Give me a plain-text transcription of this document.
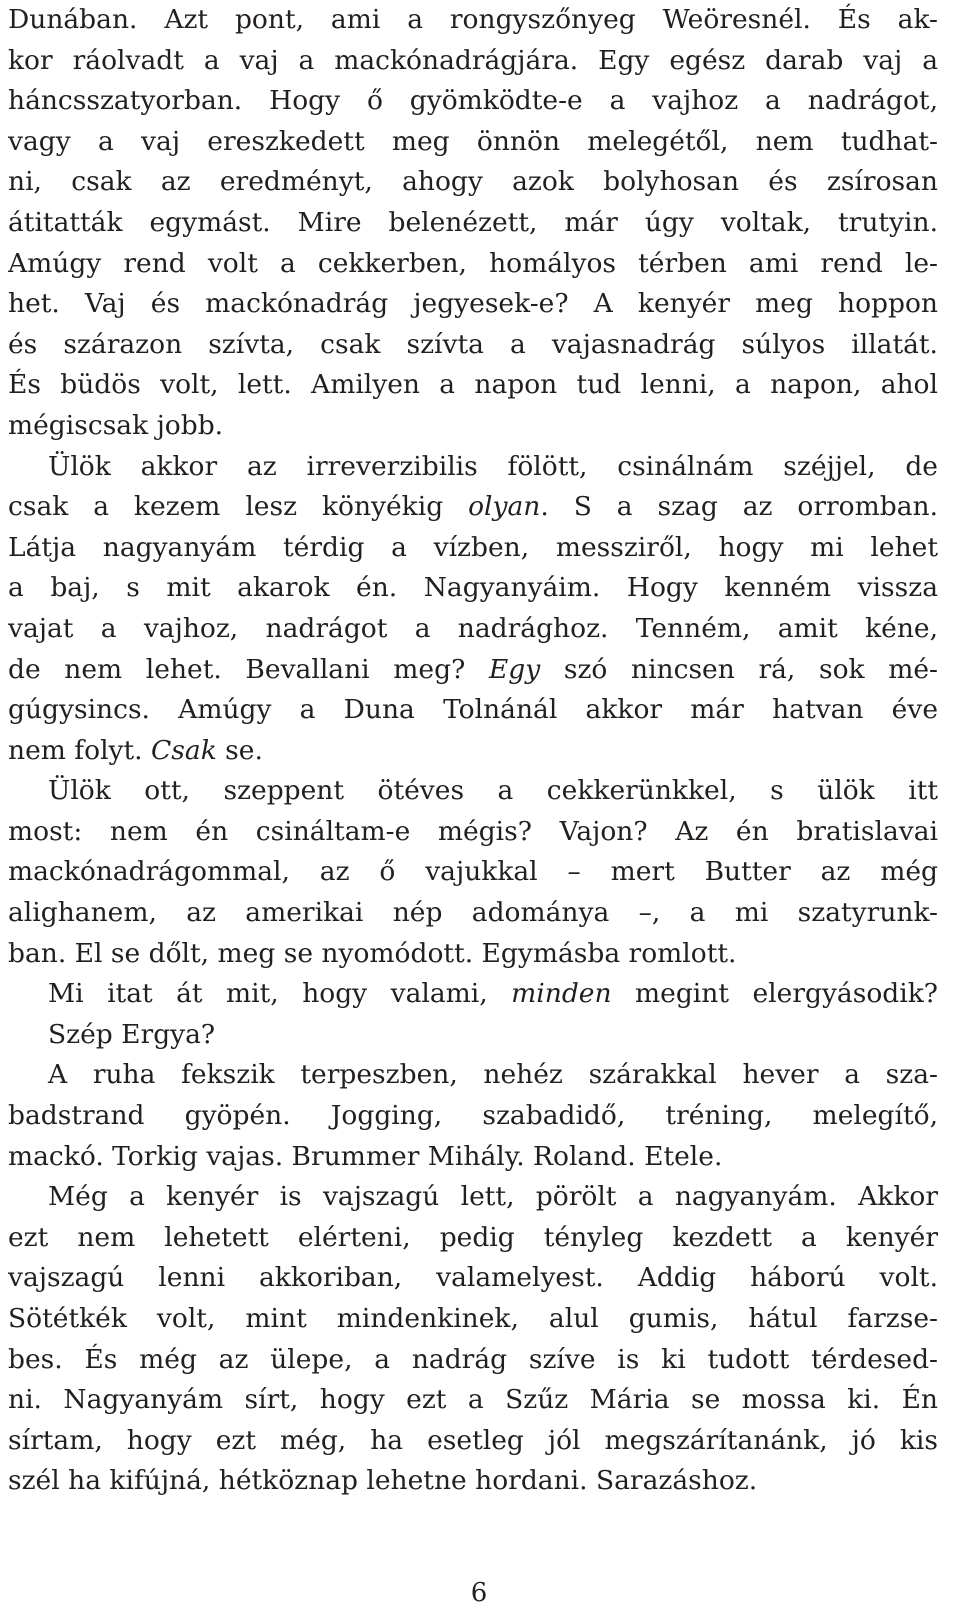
Dunában. Azt pont, ami a rongyszőnyeg Weöresnél. És ak-
kor ráolvadt a vaj a mackónadrágjára. Egy egész darab vaj a
háncsszatyorban. Hogy ő gyömködte-e a vajhoz a nadrágot,
vagy a vaj ereszkedett meg önnön melegétől, nem tudhat-
ni, csak az eredményt, ahogy azok bolyhosan és zsírosan
átitatták egymást. Mire belenézett, már úgy voltak, trutyin.
Amúgy rend volt a cekkerben, homályos térben ami rend le-
het. Vaj és mackónadrág jegyesek-e? A kenyér meg hoppon
és szárazon szívta, csak szívta a vajasnadrág súlyos illatát.
És büdös volt, lett. Amilyen a napon tud lenni, a napon, ahol
mégiscsak jobb.
Ülök akkor az irreverzibilis fölött, csinálnám széjjel, de
csak a kezem lesz könyékig olyan. S a szag az orromban.
Látja nagyanyám térdig a vízben, messziről, hogy mi lehet
a baj, s mit akarok én. Nagyanyáim. Hogy kenném vissza
vajat a vajhoz, nadrágot a nadrághoz. Tenném, amit kéne,
de nem lehet. Bevallani meg? Egy szó nincsen rá, sok mé-
gúgysincs. Amúgy a Duna Tolnánál akkor már hatvan éve
nem folyt. Csak se.
Ülök ott, szeppent ötéves a cekkerünkkel, s ülök itt
most: nem én csináltam-e mégis? Vajon? Az én bratislavai
mackónadrágommal, az ő vajukkal – mert Butter az még
alighanem, az amerikai nép adománya –, a mi szatyrunk-
ban. El se dőlt, meg se nyomódott. Egymásba romlott.
Mi itat át mit, hogy valami, minden megint elergyásodik?
Szép Ergya?
A ruha fekszik terpeszben, nehéz szárakkal hever a sza-
badstrand gyöpén. Jogging, szabadidő, tréning, melegítő,
mackó. Torkig vajas. Brummer Mihály. Roland. Etele.
Még a kenyér is vajszagú lett, pörölt a nagyanyám. Akkor
ezt nem lehetett elérteni, pedig tényleg kezdett a kenyér
vajszagú lenni akkoriban, valamelyest. Addig háború volt.
Sötétkék volt, mint mindenkinek, alul gumis, hátul farzse-
bes. És még az ülepe, a nadrág szíve is ki tudott térdesed-
ni. Nagyanyám sírt, hogy ezt a Szűz Mária se mossa ki. Én
sírtam, hogy ezt még, ha esetleg jól megszárítanánk, jó kis
szél ha kifújná, hétköznap lehetne hordani. Sarazáshoz.
6
